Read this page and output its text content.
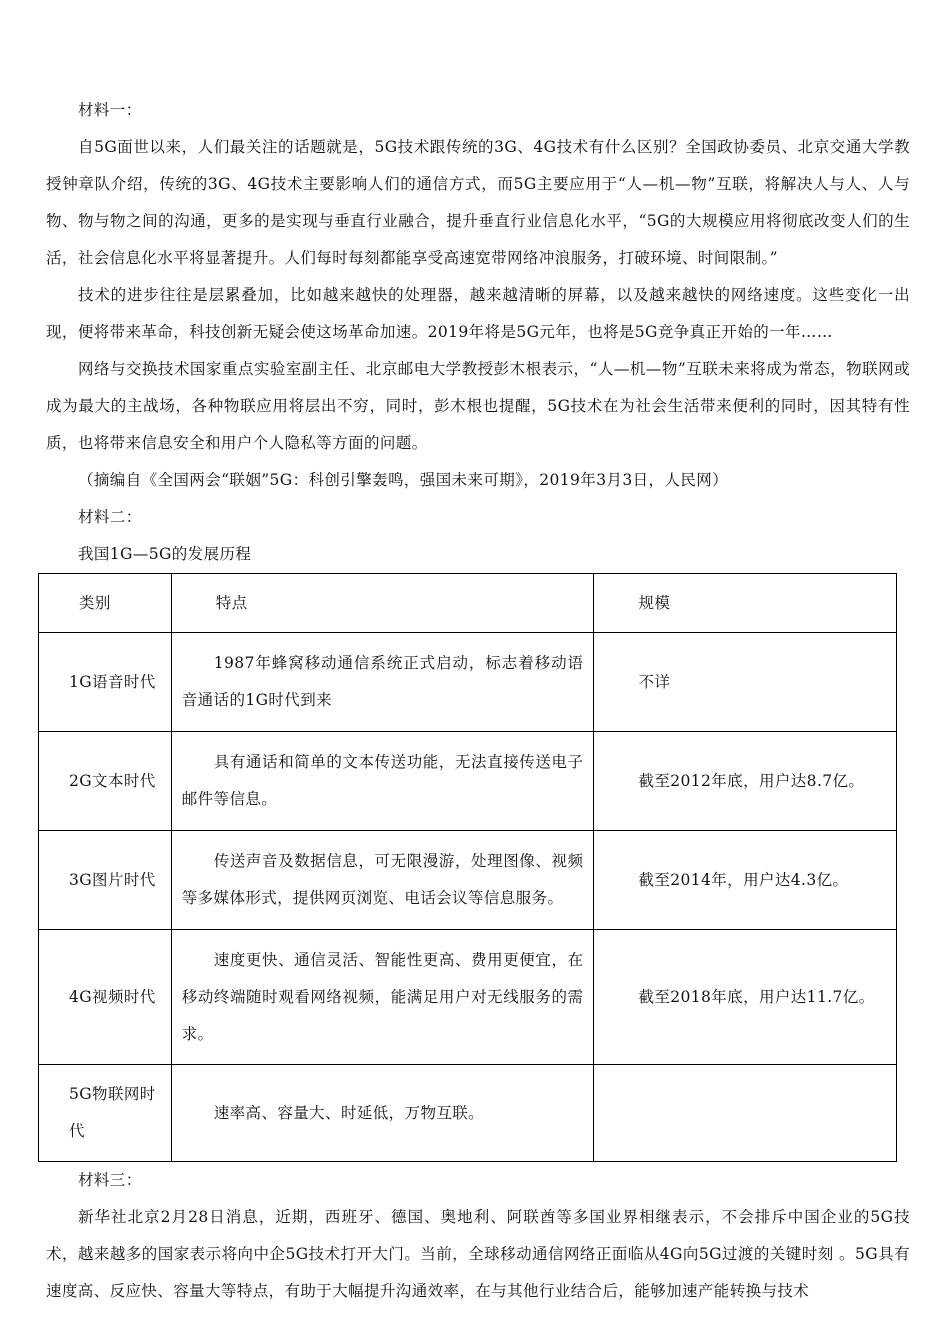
材料一：

自5G面世以来，人们最关注的话题就是，5G技术跟传统的3G、4G技术有什么区别？全国政协委员、北京交通大学教授钟章队介绍，传统的3G、4G技术主要影响人们的通信方式，而5G主要应用于“人—机—物”互联，将解决人与人、人与物、物与物之间的沟通，更多的是实现与垂直行业融合，提升垂直行业信息化水平，“5G的大规模应用将彻底改变人们的生活，社会信息化水平将显著提升。人们每时每刻都能享受高速宽带网络冲浪服务，打破环境、时间限制。”

技术的进步往往是层累叠加，比如越来越快的处理器，越来越清晰的屏幕，以及越来越快的网络速度。这些变化一出现，便将带来革命，科技创新无疑会使这场革命加速。2019年将是5G元年，也将是5G竞争真正开始的一年……

网络与交换技术国家重点实验室副主任、北京邮电大学教授彭木根表示，“人—机—物”互联未来将成为常态，物联网或成为最大的主战场，各种物联应用将层出不穷，同时，彭木根也提醒，5G技术在为社会生活带来便利的同时，因其特有性质，也将带来信息安全和用户个人隐私等方面的问题。

（摘编自《全国两会“联姻”5G：科创引擎轰鸣，强国未来可期》，2019年3月3日，人民网）

材料二：

我国1G—5G的发展历程

类别	特点	规模
1G语音时代	1987年蜂窝移动通信系统正式启动，标志着移动语音通话的1G时代到来	不详

2G文本时代	具有通话和简单的文本传送功能，无法直接传送电子邮件等信息。	截至2012年底，用户达8.7亿。

3G图片时代	传送声音及数据信息，可无限漫游，处理图像、视频等多媒体形式，提供网页浏览、电话会议等信息服务。	截至2014年，用户达4.3亿。

4G视频时代	速度更快、通信灵活、智能性更高、费用更便宜，在移动终端随时观看网络视频，能满足用户对无线服务的需求。	截至2018年底，用户达11.7亿。

5G物联网时代	速率高、容量大、时延低，万物互联。	

材料三：

新华社北京2月28日消息，近期，西班牙、德国、奥地利、阿联酋等多国业界相继表示，不会排斥中国企业的5G技术，越来越多的国家表示将向中企5G技术打开大门。当前，全球移动通信网络正面临从4G向5G过渡的关键时刻 。5G具有速度高、反应快、容量大等特点，有助于大幅提升沟通效率，在与其他行业结合后，能够加速产能转换与技术
